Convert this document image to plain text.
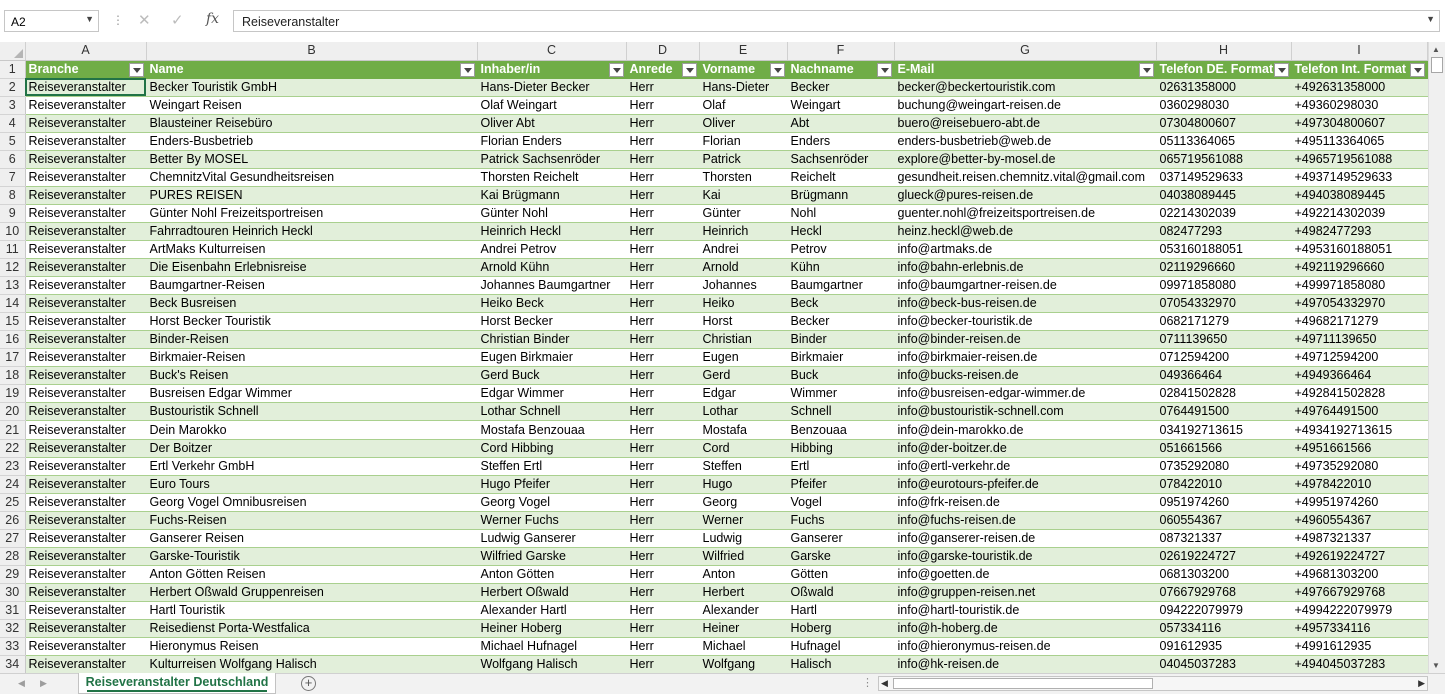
A2	▼ ⋮ ✕ ✓ fx Reiseveranstalter	▼
	A	B	C	D	E	F	G	H	I
1	Branche	Name	Inhaber/in	Anrede	Vorname	Nachname	E-Mail	Telefon DE. Format	Telefon Int. Format

2	Reiseveranstalter	Becker Touristik GmbH	Hans-Dieter Becker	Herr	Hans-Dieter	Becker	becker@beckertouristik.com	02631358000	+492631358000
3	Reiseveranstalter	Weingart Reisen	Olaf Weingart	Herr	Olaf	Weingart	buchung@weingart-reisen.de	0360298030	+49360298030
4	Reiseveranstalter	Blausteiner Reisebüro	Oliver Abt	Herr	Oliver	Abt	buero@reisebuero-abt.de	07304800607	+497304800607
5	Reiseveranstalter	Enders-Busbetrieb	Florian Enders	Herr	Florian	Enders	enders-busbetrieb@web.de	05113364065	+495113364065
6	Reiseveranstalter	Better By MOSEL	Patrick Sachsenröder	Herr	Patrick	Sachsenröder	explore@better-by-mosel.de	065719561088	+4965719561088
7	Reiseveranstalter	ChemnitzVital Gesundheitsreisen	Thorsten Reichelt	Herr	Thorsten	Reichelt	gesundheit.reisen.chemnitz.vital@gmail.com	037149529633	+4937149529633
8	Reiseveranstalter	PURES REISEN	Kai Brügmann	Herr	Kai	Brügmann	glueck@pures-reisen.de	04038089445	+494038089445
9	Reiseveranstalter	Günter Nohl Freizeitsportreisen	Günter Nohl	Herr	Günter	Nohl	guenter.nohl@freizeitsportreisen.de	02214302039	+492214302039
10	Reiseveranstalter	Fahrradtouren Heinrich Heckl	Heinrich Heckl	Herr	Heinrich	Heckl	heinz.heckl@web.de	082477293	+4982477293
11	Reiseveranstalter	ArtMaks Kulturreisen	Andrei Petrov	Herr	Andrei	Petrov	info@artmaks.de	053160188051	+4953160188051
12	Reiseveranstalter	Die Eisenbahn Erlebnisreise	Arnold Kühn	Herr	Arnold	Kühn	info@bahn-erlebnis.de	02119296660	+492119296660
13	Reiseveranstalter	Baumgartner-Reisen	Johannes Baumgartner	Herr	Johannes	Baumgartner	info@baumgartner-reisen.de	09971858080	+499971858080
14	Reiseveranstalter	Beck Busreisen	Heiko Beck	Herr	Heiko	Beck	info@beck-bus-reisen.de	07054332970	+497054332970
15	Reiseveranstalter	Horst Becker Touristik	Horst Becker	Herr	Horst	Becker	info@becker-touristik.de	0682171279	+49682171279
16	Reiseveranstalter	Binder-Reisen	Christian Binder	Herr	Christian	Binder	info@binder-reisen.de	0711139650	+49711139650
17	Reiseveranstalter	Birkmaier-Reisen	Eugen Birkmaier	Herr	Eugen	Birkmaier	info@birkmaier-reisen.de	0712594200	+49712594200
18	Reiseveranstalter	Buck's Reisen	Gerd Buck	Herr	Gerd	Buck	info@bucks-reisen.de	049366464	+4949366464
19	Reiseveranstalter	Busreisen Edgar Wimmer	Edgar Wimmer	Herr	Edgar	Wimmer	info@busreisen-edgar-wimmer.de	02841502828	+492841502828
20	Reiseveranstalter	Bustouristik Schnell	Lothar Schnell	Herr	Lothar	Schnell	info@bustouristik-schnell.com	0764491500	+49764491500
21	Reiseveranstalter	Dein Marokko	Mostafa Benzouaa	Herr	Mostafa	Benzouaa	info@dein-marokko.de	034192713615	+4934192713615
22	Reiseveranstalter	Der Boitzer	Cord Hibbing	Herr	Cord	Hibbing	info@der-boitzer.de	051661566	+4951661566
23	Reiseveranstalter	Ertl Verkehr GmbH	Steffen Ertl	Herr	Steffen	Ertl	info@ertl-verkehr.de	0735292080	+49735292080
24	Reiseveranstalter	Euro Tours	Hugo Pfeifer	Herr	Hugo	Pfeifer	info@eurotours-pfeifer.de	078422010	+4978422010
25	Reiseveranstalter	Georg Vogel Omnibusreisen	Georg Vogel	Herr	Georg	Vogel	info@frk-reisen.de	0951974260	+49951974260
26	Reiseveranstalter	Fuchs-Reisen	Werner Fuchs	Herr	Werner	Fuchs	info@fuchs-reisen.de	060554367	+4960554367
27	Reiseveranstalter	Ganserer Reisen	Ludwig Ganserer	Herr	Ludwig	Ganserer	info@ganserer-reisen.de	087321337	+4987321337
28	Reiseveranstalter	Garske-Touristik	Wilfried Garske	Herr	Wilfried	Garske	info@garske-touristik.de	02619224727	+492619224727
29	Reiseveranstalter	Anton Götten Reisen	Anton Götten	Herr	Anton	Götten	info@goetten.de	0681303200	+49681303200
30	Reiseveranstalter	Herbert Oßwald Gruppenreisen	Herbert Oßwald	Herr	Herbert	Oßwald	info@gruppen-reisen.net	07667929768	+497667929768
31	Reiseveranstalter	Hartl Touristik	Alexander Hartl	Herr	Alexander	Hartl	info@hartl-touristik.de	094222079979	+4994222079979
32	Reiseveranstalter	Reisedienst Porta-Westfalica	Heiner Hoberg	Herr	Heiner	Hoberg	info@h-hoberg.de	057334116	+4957334116
33	Reiseveranstalter	Hieronymus Reisen	Michael Hufnagel	Herr	Michael	Hufnagel	info@hieronymus-reisen.de	091612935	+4991612935
34	Reiseveranstalter	Kulturreisen Wolfgang Halisch	Wolfgang Halisch	Herr	Wolfgang	Halisch	info@hk-reisen.de	04045037283	+494045037283
▲
▼
◀ ▶	Reiseveranstalter Deutschland	+	⋮ ◀	▶
